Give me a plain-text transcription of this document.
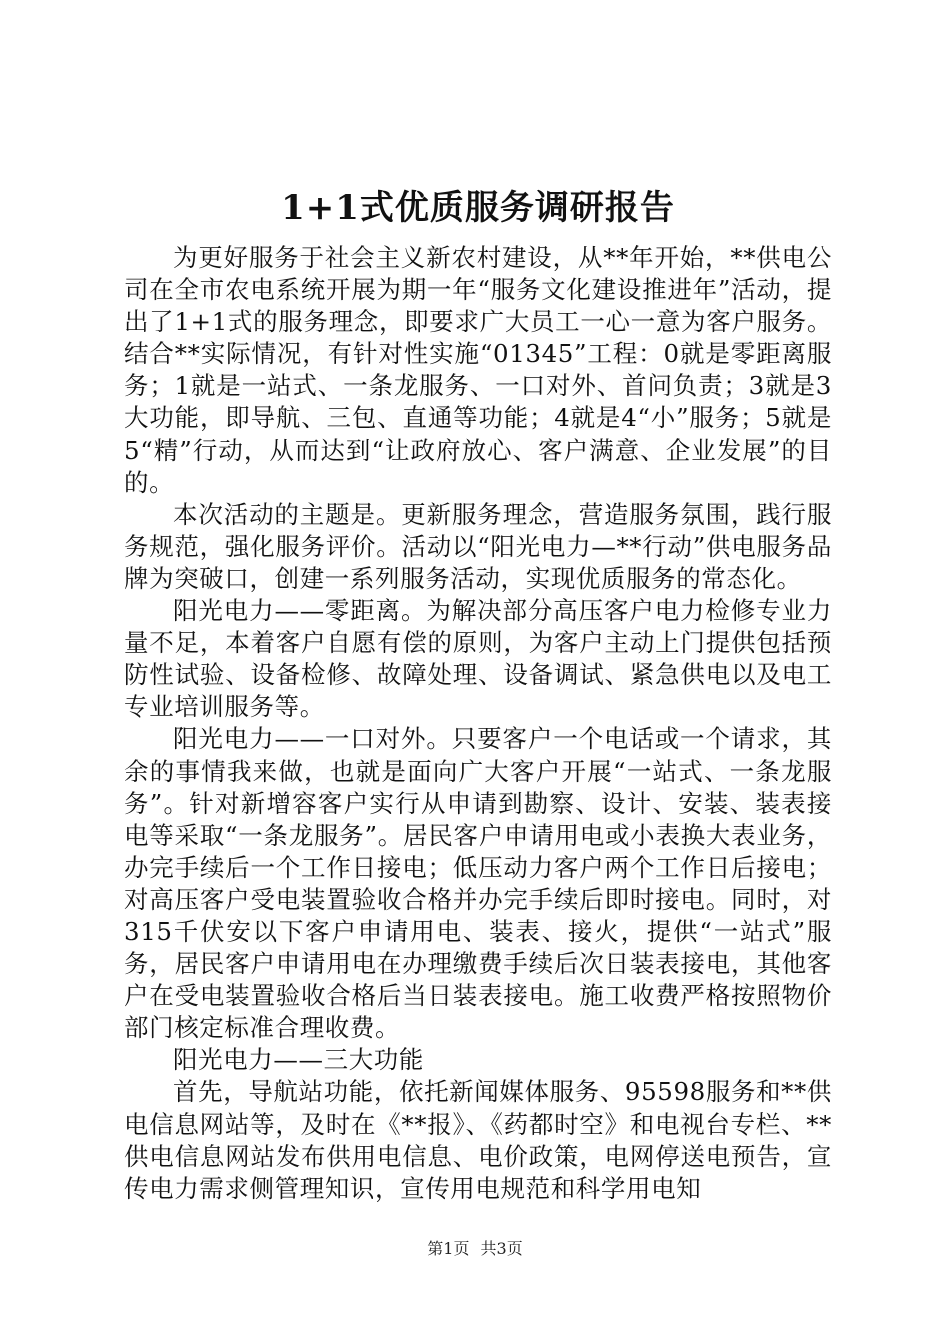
1+1式优质服务调研报告

为更好服务于社会主义新农村建设，从**年开始，**供电公司在全市农电系统开展为期一年“服务文化建设推进年”活动，提出了1+1式的服务理念，即要求广大员工一心一意为客户服务。结合**实际情况，有针对性实施“01345”工程：0就是零距离服务；1就是一站式、一条龙服务、一口对外、首问负责；3就是3大功能，即导航、三包、直通等功能；4就是4“小”服务；5就是5“精”行动，从而达到“让政府放心、客户满意、企业发展”的目的。

本次活动的主题是。更新服务理念，营造服务氛围，践行服务规范，强化服务评价。活动以“阳光电力—**行动”供电服务品牌为突破口，创建一系列服务活动，实现优质服务的常态化。

阳光电力——零距离。为解决部分高压客户电力检修专业力量不足，本着客户自愿有偿的原则，为客户主动上门提供包括预防性试验、设备检修、故障处理、设备调试、紧急供电以及电工专业培训服务等。

阳光电力——一口对外。只要客户一个电话或一个请求，其余的事情我来做，也就是面向广大客户开展“一站式、一条龙服务”。针对新增容客户实行从申请到勘察、设计、安装、装表接电等采取“一条龙服务”。居民客户申请用电或小表换大表业务，办完手续后一个工作日接电；低压动力客户两个工作日后接电；对高压客户受电装置验收合格并办完手续后即时接电。同时，对315千伏安以下客户申请用电、装表、接火，提供“一站式”服务，居民客户申请用电在办理缴费手续后次日装表接电，其他客户在受电装置验收合格后当日装表接电。施工收费严格按照物价部门核定标准合理收费。

阳光电力——三大功能

首先，导航站功能，依托新闻媒体服务、95598服务和**供电信息网站等，及时在《**报》、《药都时空》和电视台专栏、**供电信息网站发布供用电信息、电价政策，电网停送电预告，宣传电力需求侧管理知识，宣传用电规范和科学用电知

第1页 共3页
